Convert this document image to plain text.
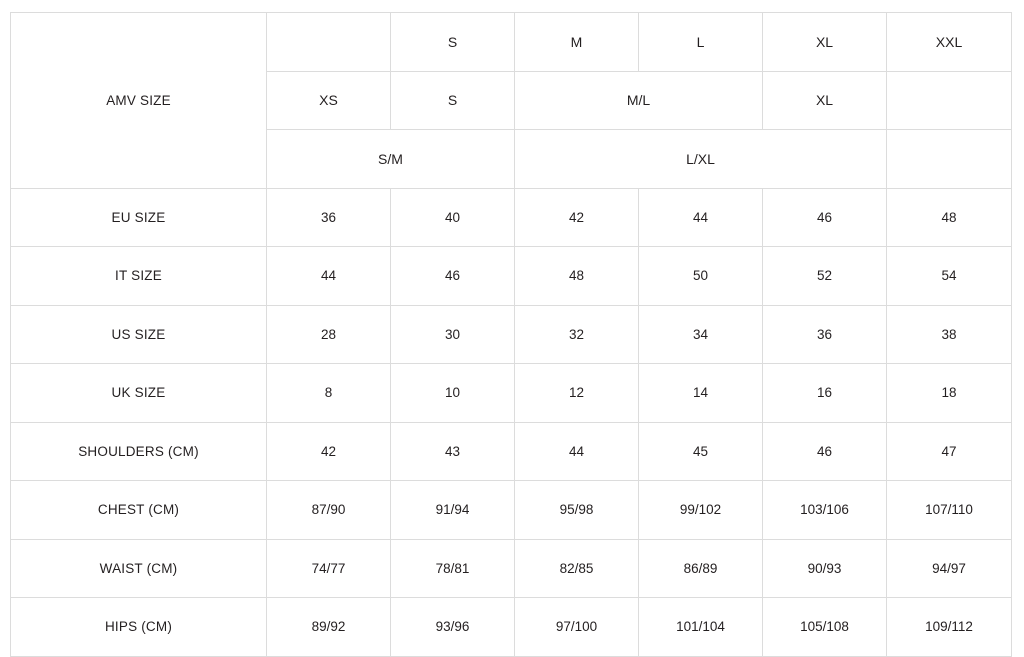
AMV SIZE		S	M	L	XL	XXL
	XS	S	M/L		XL	
	S/M		L/XL			
EU SIZE	36	40	42	44	46	48
IT SIZE	44	46	48	50	52	54
US SIZE	28	30	32	34	36	38
UK SIZE	8	10	12	14	16	18
SHOULDERS (CM)	42	43	44	45	46	47
CHEST (CM)	87/90	91/94	95/98	99/102	103/106	107/110
WAIST (CM)	74/77	78/81	82/85	86/89	90/93	94/97
HIPS (CM)	89/92	93/96	97/100	101/104	105/108	109/112
